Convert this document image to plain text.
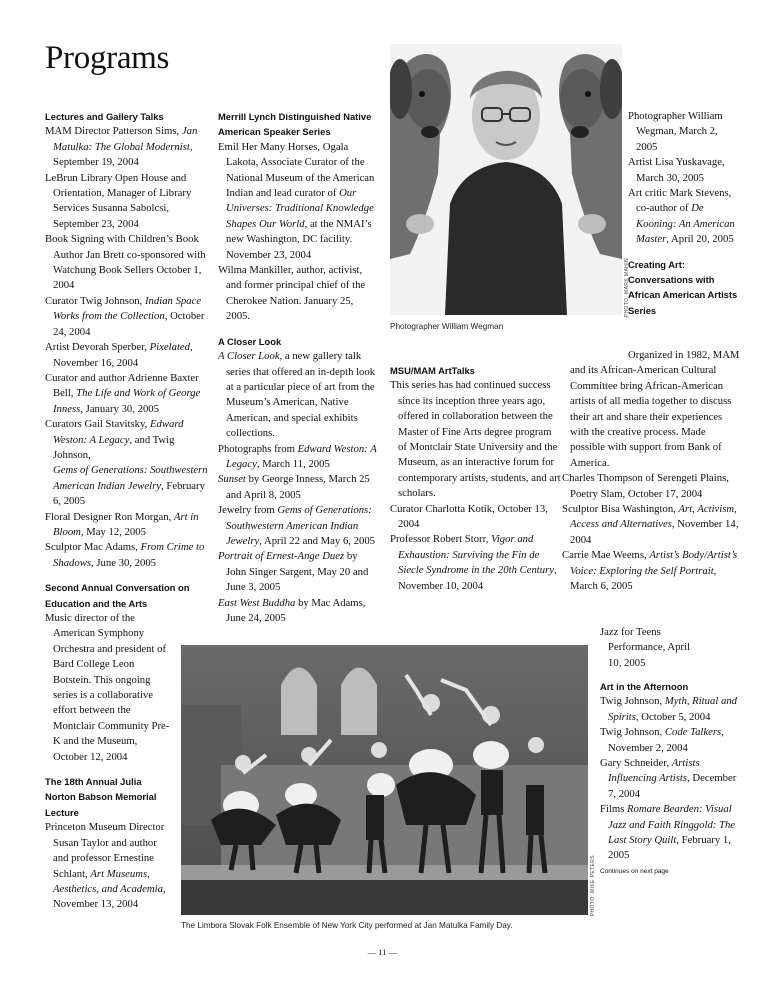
Programs
Lectures and Gallery Talks

MAM Director Patterson Sims, Jan Matulka: The Global Modernist, September 19, 2004

LeBrun Library Open House and Orientation, Manager of Library Services Susanna Sabolcsi, September 23, 2004

Book Signing with Children’s Book Author Jan Brett co-sponsored with Watchung Book Sellers October 1, 2004

Curator Twig Johnson, Indian Space Works from the Collection, October 24, 2004

Artist Devorah Sperber, Pixelated, November 16, 2004

Curator and author Adrienne Baxter Bell, The Life and Work of George Inness, January 30, 2005

Curators Gail Stavitsky, Edward Weston: A Legacy, and Twig Johnson,

Gems of Generations: Southwestern American Indian Jewelry, February 6, 2005

Floral Designer Ron Morgan, Art in Bloom, May 12, 2005

Sculptor Mac Adams, From Crime to Shadows, June 30, 2005

Second Annual Conversation on Education and the Arts

Music director of the American Symphony Orchestra and president of Bard College Leon Botstein. This ongoing series is a collaborative effort between the Montclair Community Pre-K and the Museum, October 12, 2004

The 18th Annual Julia Norton Babson Memorial Lecture

Princeton Museum Director Susan Taylor and author and professor Ernestine Schlant, Art Museums, Aesthetics, and Academia, November 13, 2004

Merrill Lynch Distinguished Native American Speaker Series

Emil Her Many Horses, Ogala Lakota, Associate Curator of the National Museum of the American Indian and lead curator of Our Universes: Traditional Knowledge Shapes Our World, at the NMAI’s new Washington, DC facility. November 23, 2004

Wilma Mankiller, author, activist, and former principal chief of the Cherokee Nation. January 25, 2005.

A Closer Look

A Closer Look, a new gallery talk series that offered an in-depth look at a particular piece of art from the Museum’s American, Native American, and special exhibits collections.

Photographs from Edward Weston: A Legacy, March 11, 2005

Sunset by George Inness, March 25 and April 8, 2005

Jewelry from Gems of Generations: Southwestern American Indian Jewelry, April 22 and May 6, 2005

Portrait of Ernest-Ange Duez by John Singer Sargent, May 20 and June 3, 2005

East West Buddha by Mac Adams, June 24, 2005

PHOTO: MARK MAHIN
Photographer William Wegman
MSU/MAM ArtTalks

This series has had continued success since its inception three years ago, offered in collaboration between the Master of Fine Arts degree program of Montclair State University and the Museum, as an interactive forum for contemporary artists, students, and art scholars.

Curator Charlotta Kotik, October 13, 2004

Professor Robert Storr, Vigor and Exhaustion: Surviving the Fin de Siecle Syndrome in the 20th Century, November 10, 2004

Photographer William Wegman, March 2, 2005

Artist Lisa Yuskavage, March 30, 2005

Art critic Mark Stevens, co-author of De Kooning: An American Master, April 20, 2005

Creating Art: Conversations with African American Artists Series

Organized in 1982, MAM and its African-American Cultural Committee bring African-American artists of all media together to discuss their art and share their experiences with the creative process. Made possible with support from Bank of America.

Charles Thompson of Serengeti Plains, Poetry Slam, October 17, 2004

Sculptor Bisa Washington, Art, Activism, Access and Alternatives, November 14, 2004

Carrie Mae Weems, Artist’s Body/Artist’s Voice: Exploring the Self Portrait, March 6, 2005

Jazz for Teens Performance, April 10, 2005

Art in the Afternoon

Twig Johnson, Myth, Ritual and Spirits, October 5, 2004

Twig Johnson, Code Talkers, November 2, 2004

Gary Schneider, Artists Influencing Artists, December 7, 2004

Films Romare Bearden: Visual Jazz and Faith Ringgold: The Last Story Quilt, February 1, 2005

Continues on next page
PHOTO: MIKE PETERS
The Limbora Slovak Folk Ensemble of New York City performed at Jan Matulka Family Day.
— 11 —
